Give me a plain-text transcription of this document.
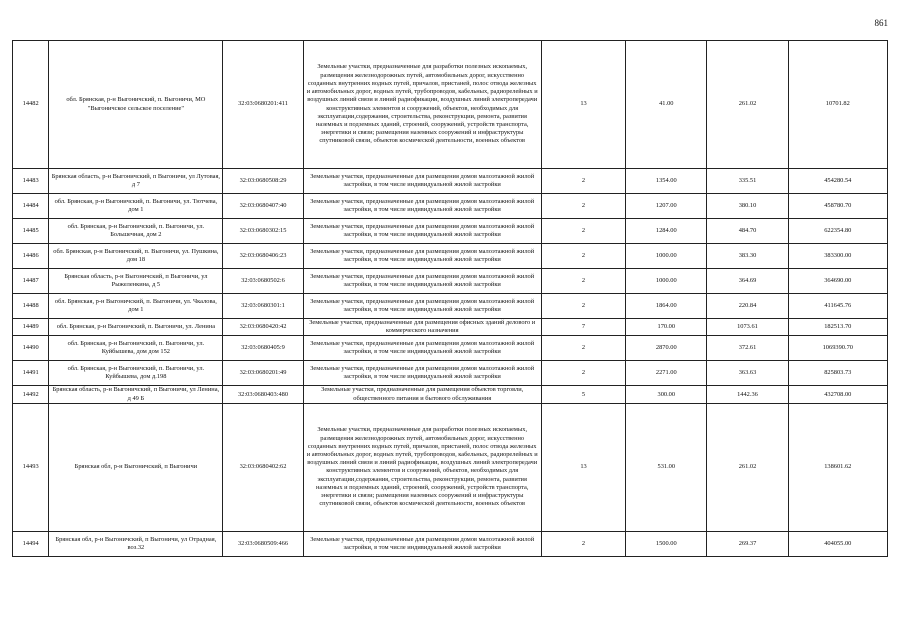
861
14482	обл. Брянская, р-н Выгоничский, п. Выгоничи, МО "Выгоничское сельское поселение"	32:03:0680201:411	Земельные участки, предназначенные для разработки полезных ископаемых, размещения железнодорожных путей, автомобильных дорог, искусственно созданных внутренних водных путей, причалов, пристаней, полос отвода железных и автомобильных дорог, водных путей, трубопроводов, кабельных, радиорелейных и воздушных линий связи и линий радиофикации, воздушных линий электропередачи конструктивных элементов и сооружений, объектов, необходимых для эксплуатации,содержания, строительства, реконструкции, ремонта, развития наземных и подземных зданий, строений, сооружений, устройств транспорта, энергетики и связи; размещения наземных сооружений и инфраструктуры спутниковой связи, объектов космической деятельности, военных объектов	13	41.00	261.02	10701.82
14483	Брянская область, р-н Выгоничский, п Выгоничи, ул Лутовая, д 7	32:03:0680508:29	Земельные участки, предназначенные для размещения домов малоэтажной жилой застройки, в том числе индивидуальной жилой застройки	2	1354.00	335.51	454280.54
14484	обл. Брянская, р-н Выгоничский, п. Выгоничи, ул. Тютчева, дом 1	32:03:0680407:40	Земельные участки, предназначенные для размещения домов малоэтажной жилой застройки, в том числе индивидуальной жилой застройки	2	1207.00	380.10	458780.70
14485	обл. Брянская, р-н Выгоничский, п. Выгоничи, ул. Большечная, дом 2	32:03:0680302:15	Земельные участки, предназначенные для размещения домов малоэтажной жилой застройки, в том числе индивидуальной жилой застройки	2	1284.00	484.70	622354.80
14486	обл. Брянская, р-н Выгоничский, п. Выгоничи, ул. Пушкина, дом 18	32:03:0680406:23	Земельные участки, предназначенные для размещения домов малоэтажной жилой застройки, в том числе индивидуальной жилой застройки	2	1000.00	383.30	383300.00
14487	Брянская область, р-н Выгоничский, п Выгоничи, ул Рыжеленкина, д 5	32:03:0680502:6	Земельные участки, предназначенные для размещения домов малоэтажной жилой застройки, в том числе индивидуальной жилой застройки	2	1000.00	364.69	364690.00
14488	обл. Брянская, р-н Выгоничский, п. Выгоничи, ул. Чкалова, дом 1	32:03:0680301:1	Земельные участки, предназначенные для размещения домов малоэтажной жилой застройки, в том числе индивидуальной жилой застройки	2	1864.00	220.84	411645.76
14489	обл. Брянская, р-н Выгоничский, п. Выгоничи, ул. Ленина	32:03:0680420:42	Земельные участки, предназначенные для размещения офисных зданий делового и коммерческого назначения	7	170.00	1073.61	182513.70
14490	обл. Брянская, р-н Выгоничский, п. Выгоничи, ул. Куйбышева, дом дом 152	32:03:0680405:9	Земельные участки, предназначенные для размещения домов малоэтажной жилой застройки, в том числе индивидуальной жилой застройки	2	2870.00	372.61	1069390.70
14491	обл. Брянская, р-н Выгоничский, п. Выгоничи, ул. Куйбышева, дом д.198	32:03:0680201:49	Земельные участки, предназначенные для размещения домов малоэтажной жилой застройки, в том числе индивидуальной жилой застройки	2	2271.00	363.63	825803.73
14492	Брянская область, р-н Выгоничский, п Выгоничи, ул Ленина, д 49 Б	32:03:0680403:480	Земельные участки, предназначенные для размещения объектов торговли, общественного питания и бытового обслуживания	5	300.00	1442.36	432708.00
14493	Брянская обл, р-н Выгоничский, п Выгоничи	32:03:0680402:62	Земельные участки, предназначенные для разработки полезных ископаемых, размещения железнодорожных путей, автомобильных дорог, искусственно созданных внутренних водных путей, причалов, пристаней, полос отвода железных и автомобильных дорог, водных путей, трубопроводов, кабельных, радиорелейных и воздушных линий связи и линий радиофикации, воздушных линий электропередачи конструктивных элементов и сооружений, объектов, необходимых для эксплуатации,содержания, строительства, реконструкции, ремонта, развития наземных и подземных зданий, строений, сооружений, устройств транспорта, энергетики и связи; размещения наземных сооружений и инфраструктуры спутниковой связи, объектов космической деятельности, военных объектов	13	531.00	261.02	138601.62
14494	Брянская обл, р-н Выгоничский, п Выгоничи, ул Отрадная, воз.32	32:03:0680509:466	Земельные участки, предназначенные для размещения домов малоэтажной жилой застройки, в том числе индивидуальной жилой застройки	2	1500.00	269.37	404055.00
